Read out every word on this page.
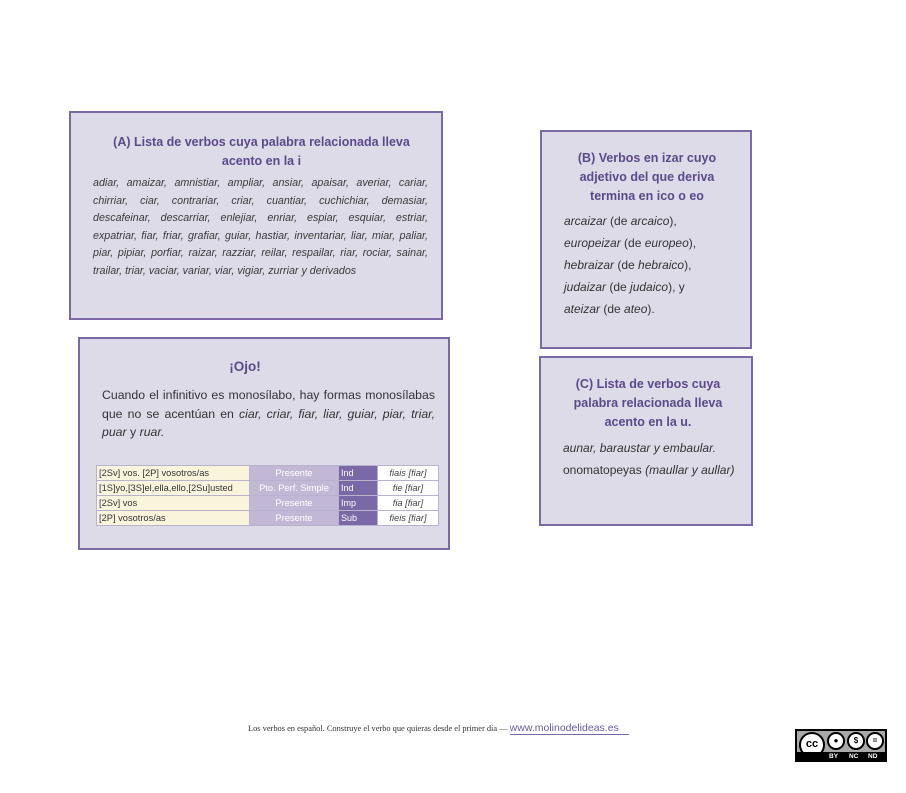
(A) Lista de verbos cuya palabra relacionada lleva acento en la i
adiar, amaizar, amnistiar, ampliar, ansiar, apaisar, averiar, cariar, chirriar, ciar, contrariar, criar, cuantiar, cuchichiar, demasiar, descafeinar, descarriar, enlejiar, enriar, espiar, esquiar, estriar, expatriar, fiar, friar, grafiar, guiar, hastiar, inventariar, liar, miar, paliar, piar, pipiar, porfiar, raizar, razziar, reilar, respailar, riar, rociar, sainar, trailar, triar, vaciar, variar, viar, vigiar, zurriar y derivados
(B) Verbos en izar cuyo adjetivo del que deriva termina en ico o eo
arcaizar (de arcaico),
europeizar (de europeo),
hebraizar (de hebraico),
judaizar (de judaico), y
ateizar (de ateo).
(C) Lista de verbos cuya palabra relacionada lleva acento en la u.
aunar, baraustar y embaular.
onomatopeyas (maullar y aullar)
¡Ojo!
Cuando el infinitivo es monosílabo, hay formas monosílabas que no se acentúan en ciar, criar, fiar, liar, guiar, piar, triar, puar y ruar.
[2Sv] vos. [2P] vosotros/as	Presente	Ind	fiais [fiar]
[1S]yo,[3S]el,ella,ello,[2Su]usted	Pto. Perf. Simple	Ind	fie [fiar]
[2Sv] vos	Presente	Imp	fia [fiar]
[2P] vosotros/as	Presente	Sub	fieis [fiar]
Los verbos en español. Construye el verbo que quieras desde el primer día — www.molinodelideas.es
cc	●	$	=
BY NC ND
